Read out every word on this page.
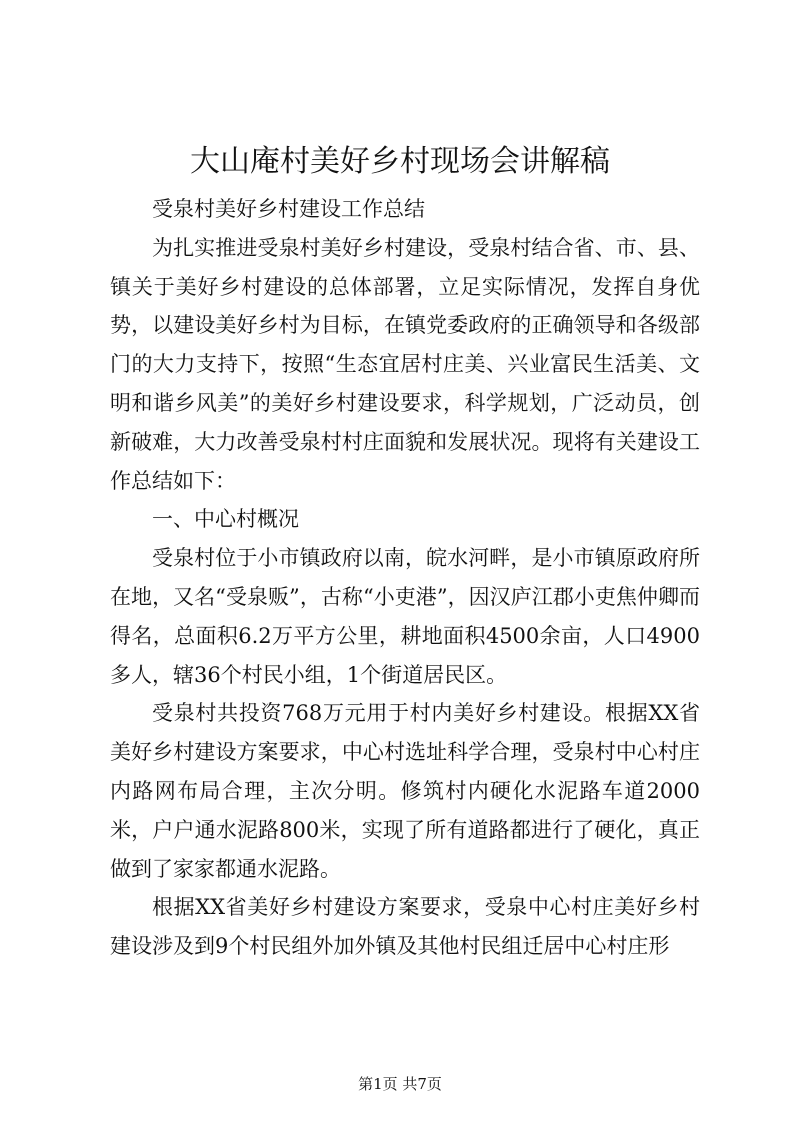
大山庵村美好乡村现场会讲解稿

受泉村美好乡村建设工作总结

为扎实推进受泉村美好乡村建设，受泉村结合省、市、县、镇关于美好乡村建设的总体部署，立足实际情况，发挥自身优势，以建设美好乡村为目标，在镇党委政府的正确领导和各级部门的大力支持下，按照“生态宜居村庄美、兴业富民生活美、文明和谐乡风美”的美好乡村建设要求，科学规划，广泛动员，创新破难，大力改善受泉村村庄面貌和发展状况。现将有关建设工作总结如下：

一、中心村概况

受泉村位于小市镇政府以南，皖水河畔，是小市镇原政府所在地，又名“受泉贩”，古称“小吏港”，因汉庐江郡小吏焦仲卿而得名，总面积6.2万平方公里，耕地面积4500余亩，人口4900多人，辖36个村民小组，1个街道居民区。

受泉村共投资768万元用于村内美好乡村建设。根据XX省美好乡村建设方案要求，中心村选址科学合理，受泉村中心村庄内路网布局合理，主次分明。修筑村内硬化水泥路车道2000米，户户通水泥路800米，实现了所有道路都进行了硬化，真正做到了家家都通水泥路。

根据XX省美好乡村建设方案要求，受泉中心村庄美好乡村建设涉及到9个村民组外加外镇及其他村民组迁居中心村庄形

第1页 共7页
